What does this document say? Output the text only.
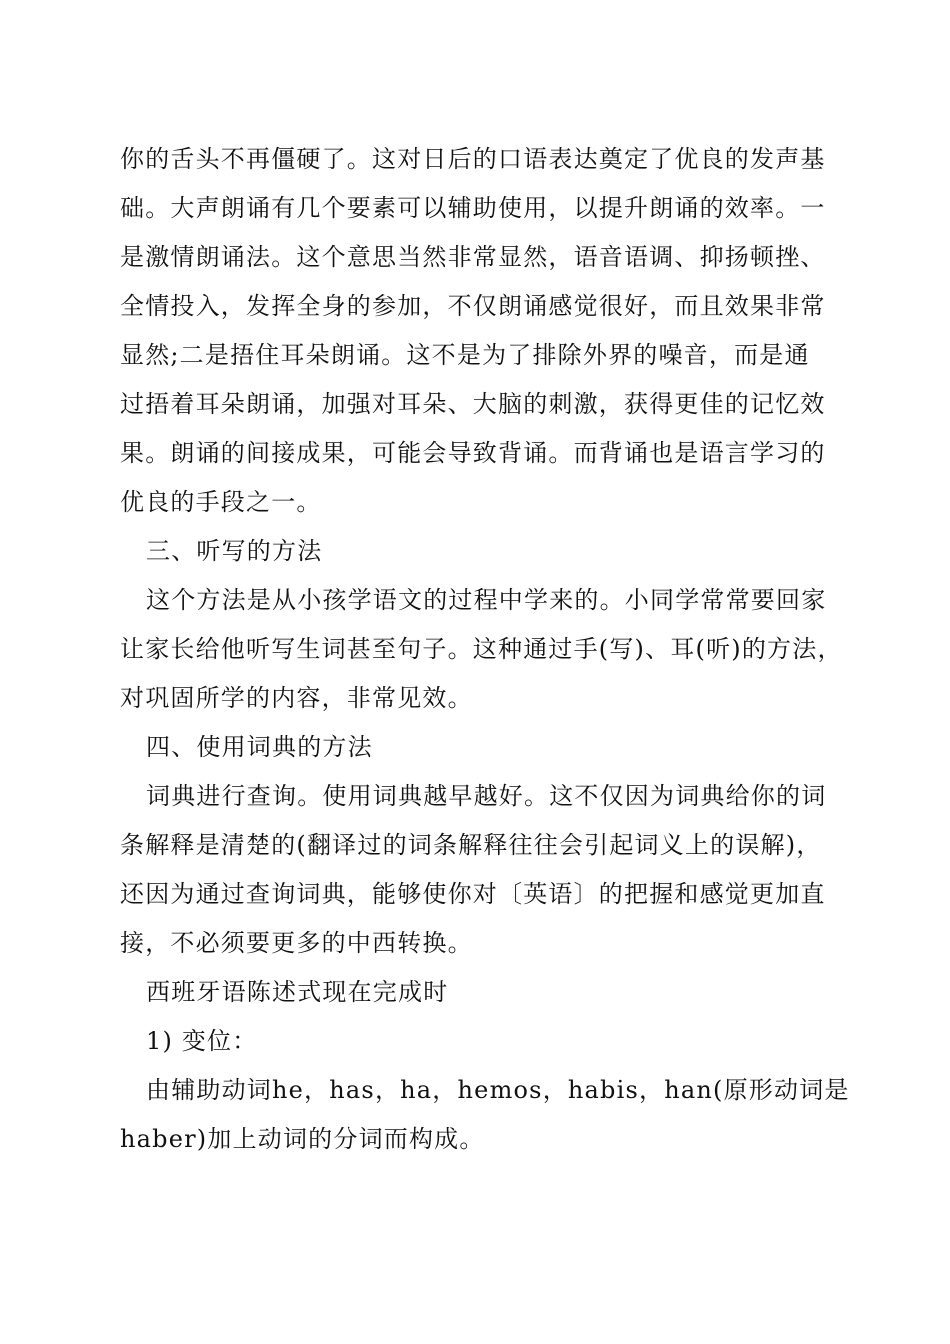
你的舌头不再僵硬了。这对日后的口语表达奠定了优良的发声基
础。大声朗诵有几个要素可以辅助使用，以提升朗诵的效率。一
是激情朗诵法。这个意思当然非常显然，语音语调、抑扬顿挫、
全情投入，发挥全身的参加，不仅朗诵感觉很好，而且效果非常
显然;二是捂住耳朵朗诵。这不是为了排除外界的噪音，而是通
过捂着耳朵朗诵，加强对耳朵、大脑的刺激，获得更佳的记忆效
果。朗诵的间接成果，可能会导致背诵。而背诵也是语言学习的
优良的手段之一。
三、听写的方法
这个方法是从小孩学语文的过程中学来的。小同学常常要回家
让家长给他听写生词甚至句子。这种通过手(写)、耳(听)的方法，
对巩固所学的内容，非常见效。
四、使用词典的方法
词典进行查询。使用词典越早越好。这不仅因为词典给你的词
条解释是清楚的(翻译过的词条解释往往会引起词义上的误解)，
还因为通过查询词典，能够使你对〔英语〕的把握和感觉更加直
接，不必须要更多的中西转换。
西班牙语陈述式现在完成时
1) 变位：
由辅助动词he，has，ha，hemos，habis，han(原形动词是
haber)加上动词的分词而构成。
